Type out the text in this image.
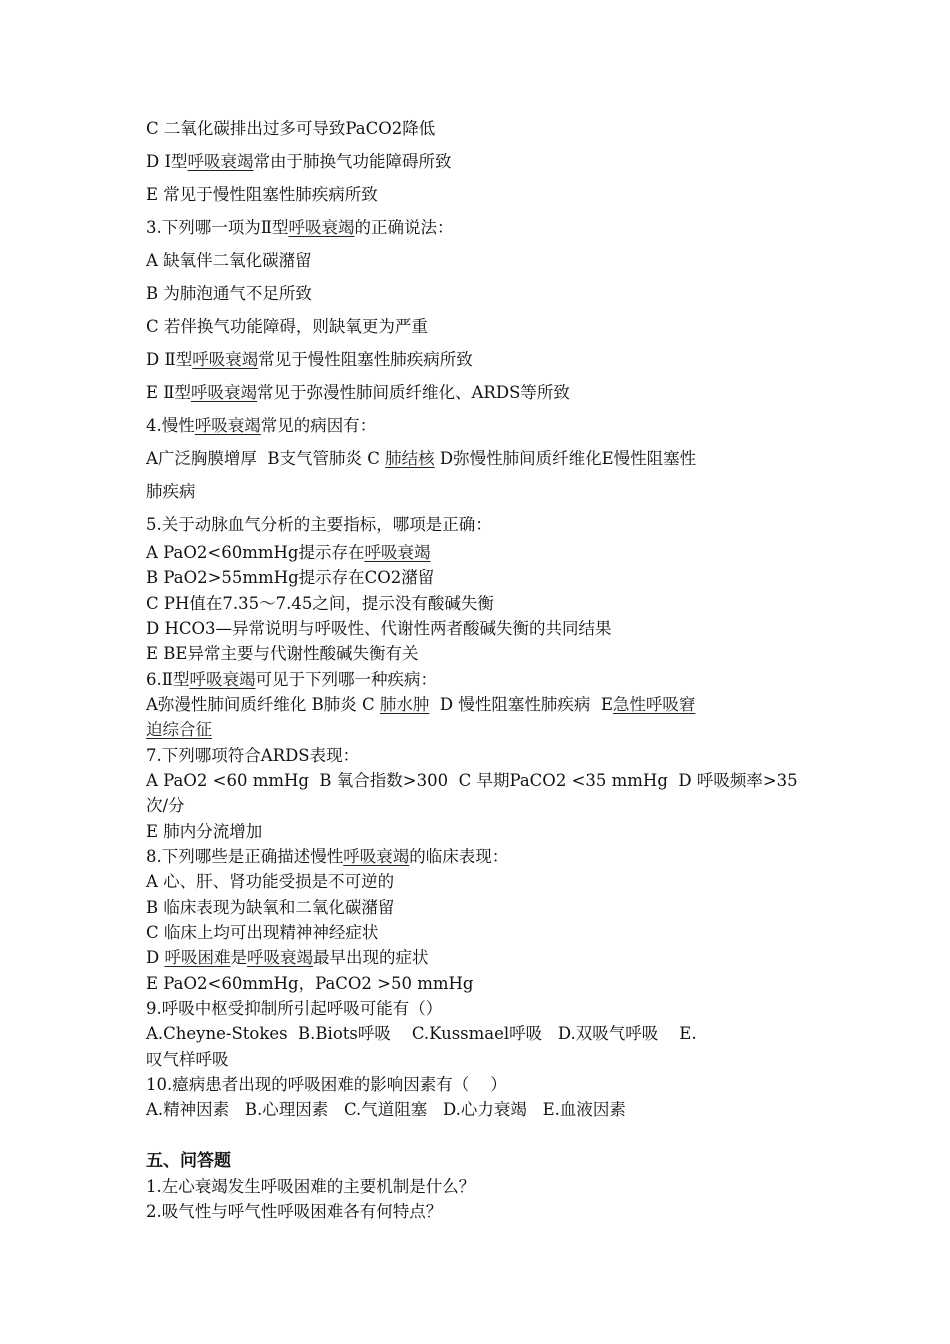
C 二氧化碳排出过多可导致PaCO2降低
D I型呼吸衰竭常由于肺换气功能障碍所致
E 常见于慢性阻塞性肺疾病所致
3.下列哪一项为Ⅱ型呼吸衰竭的正确说法：
A 缺氧伴二氧化碳潴留
B 为肺泡通气不足所致
C 若伴换气功能障碍，则缺氧更为严重
D Ⅱ型呼吸衰竭常见于慢性阻塞性肺疾病所致
E Ⅱ型呼吸衰竭常见于弥漫性肺间质纤维化、ARDS等所致
4.慢性呼吸衰竭常见的病因有：
A广泛胸膜增厚  B支气管肺炎 C 肺结核 D弥慢性肺间质纤维化E慢性阻塞性
肺疾病
5.关于动脉血气分析的主要指标，哪项是正确：
A PaO2<60mmHg提示存在呼吸衰竭
B PaO2>55mmHg提示存在CO2潴留
C PH值在7.35～7.45之间，提示没有酸碱失衡
D HCO3—异常说明与呼吸性、代谢性两者酸碱失衡的共同结果
E BE异常主要与代谢性酸碱失衡有关
6.Ⅱ型呼吸衰竭可见于下列哪一种疾病：
A弥漫性肺间质纤维化 B肺炎 C 肺水肿  D 慢性阻塞性肺疾病  E急性呼吸窘
迫综合征
7.下列哪项符合ARDS表现：
A PaO2 <60 mmHg  B 氧合指数>300  C 早期PaCO2 <35 mmHg  D 呼吸频率>35
次/分
E 肺内分流增加
8.下列哪些是正确描述慢性呼吸衰竭的临床表现：
A 心、肝、肾功能受损是不可逆的
B 临床表现为缺氧和二氧化碳潴留
C 临床上均可出现精神神经症状
D 呼吸困难是呼吸衰竭最早出现的症状
E PaO2<60mmHg，PaCO2 >50 mmHg
9.呼吸中枢受抑制所引起呼吸可能有（）
A.Cheyne-Stokes  B.Biots呼吸    C.Kussmael呼吸   D.双吸气呼吸    E.
叹气样呼吸
10.癔病患者出现的呼吸困难的影响因素有（    ）
A.精神因素   B.心理因素   C.气道阻塞   D.心力衰竭   E.血液因素
五、问答题
1.左心衰竭发生呼吸困难的主要机制是什么？
2.吸气性与呼气性呼吸困难各有何特点？
